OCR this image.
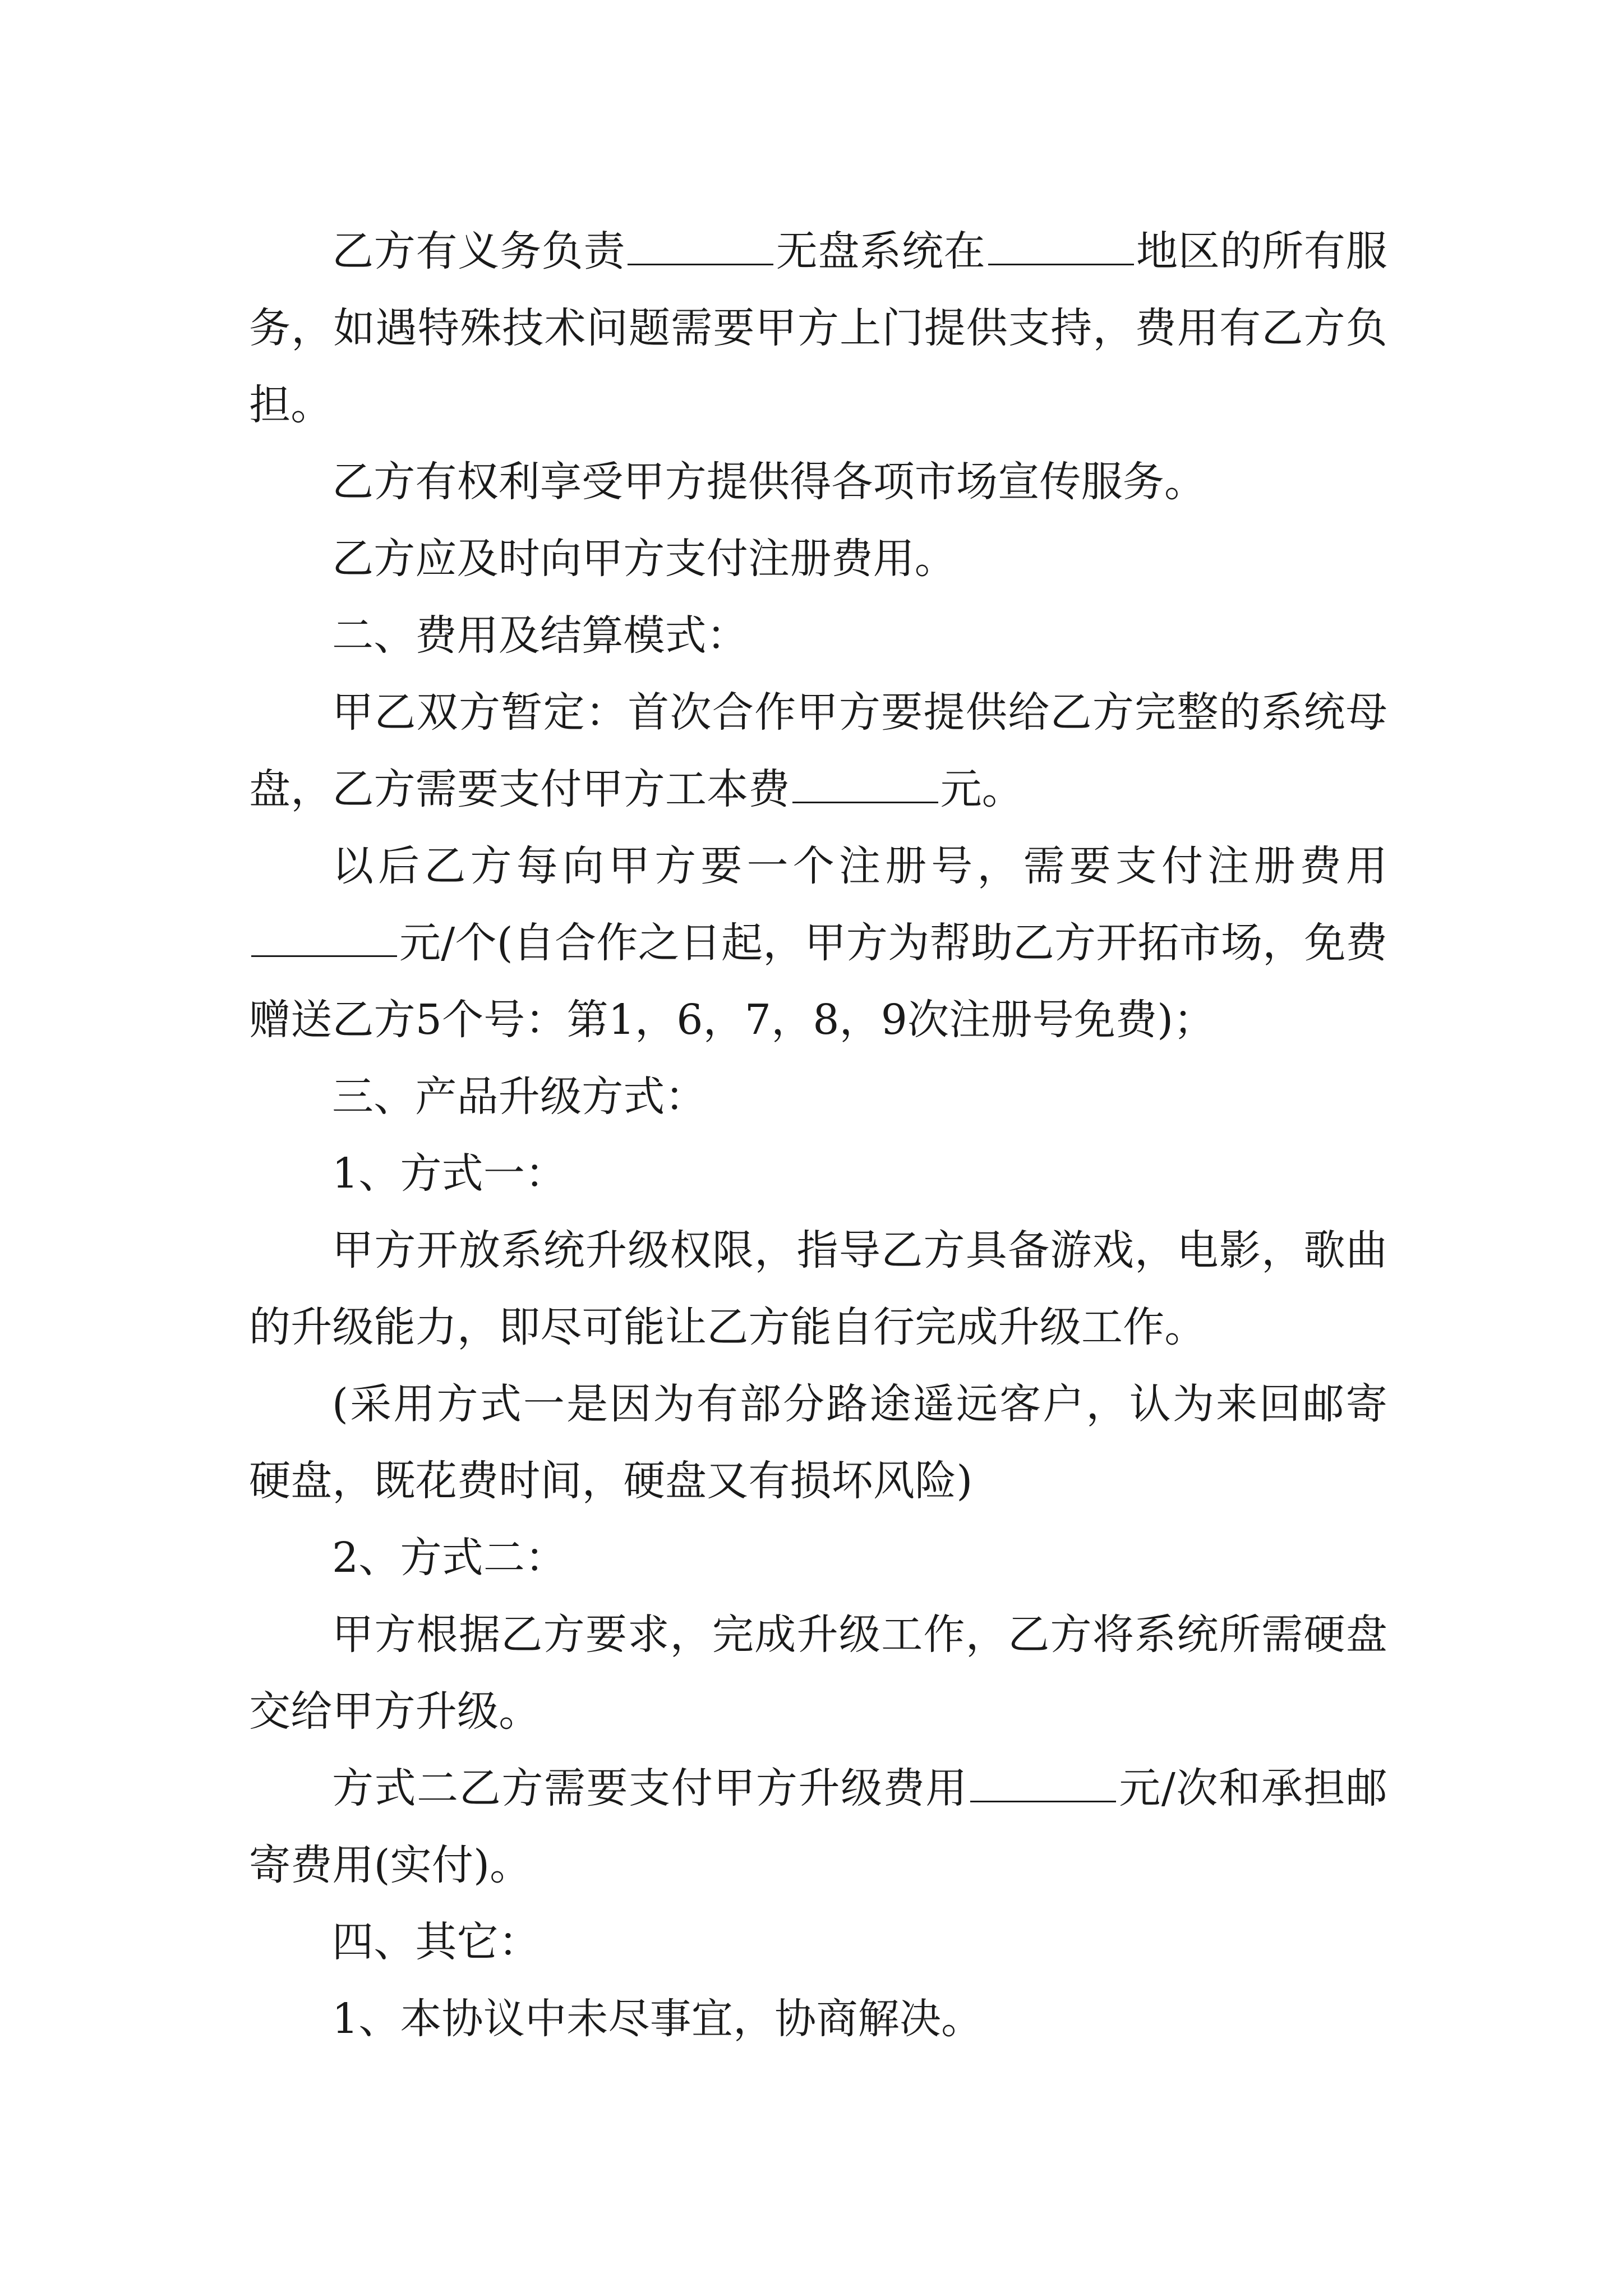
乙方有义务负责	无盘系统在	地区的所有服务，如遇特殊技术问题需要甲方上门提供支持，费用有乙方负担。

乙方有权利享受甲方提供得各项市场宣传服务。

乙方应及时向甲方支付注册费用。

二、费用及结算模式：

甲乙双方暂定：首次合作甲方要提供给乙方完整的系统母盘，乙方需要支付甲方工本费	元。

以后乙方每向甲方要一个注册号，需要支付注册费用元/个(自合作之日起，甲方为帮助乙方开拓市场，免费赠送乙方5个号：第1，6，7，8，9次注册号免费)；

三、产品升级方式：

1、方式一：

甲方开放系统升级权限，指导乙方具备游戏，电影，歌曲的升级能力，即尽可能让乙方能自行完成升级工作。

(采用方式一是因为有部分路途遥远客户，认为来回邮寄硬盘，既花费时间，硬盘又有损坏风险)

2、方式二：

甲方根据乙方要求，完成升级工作，乙方将系统所需硬盘交给甲方升级。

方式二乙方需要支付甲方升级费用	元/次和承担邮寄费用(实付)。

四、其它：

1、本协议中未尽事宜，协商解决。
